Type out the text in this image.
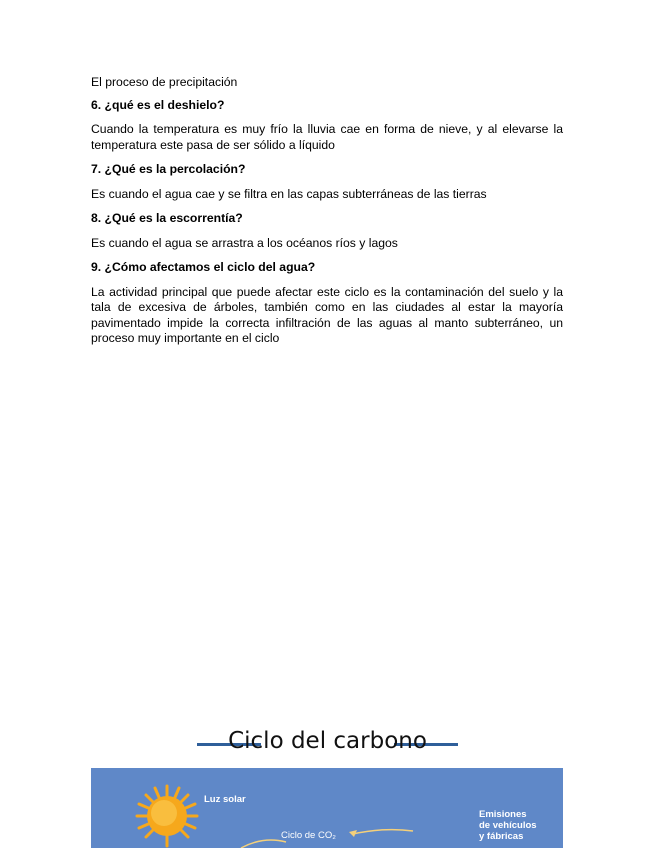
El proceso de precipitación

6. ¿qué es el deshielo?

Cuando la temperatura es muy frío la lluvia cae en forma de nieve, y al elevarse la temperatura este pasa de ser sólido a líquido

7. ¿Qué es la percolación?

Es cuando el agua cae y se filtra en las capas subterráneas de las tierras

8. ¿Qué es la escorrentía?

Es cuando el agua se arrastra a los océanos ríos y lagos

9. ¿Cómo afectamos el ciclo del agua?

La actividad principal que puede afectar este ciclo es la contaminación del suelo y la tala de excesiva de árboles, también como en las ciudades al estar la mayoría pavimentado impide la correcta infiltración de las aguas al manto subterráneo, un proceso muy importante en el ciclo

Ciclo del carbono
Luz solar
Ciclo de CO₂
Emisiones
de vehículos
y fábricas
